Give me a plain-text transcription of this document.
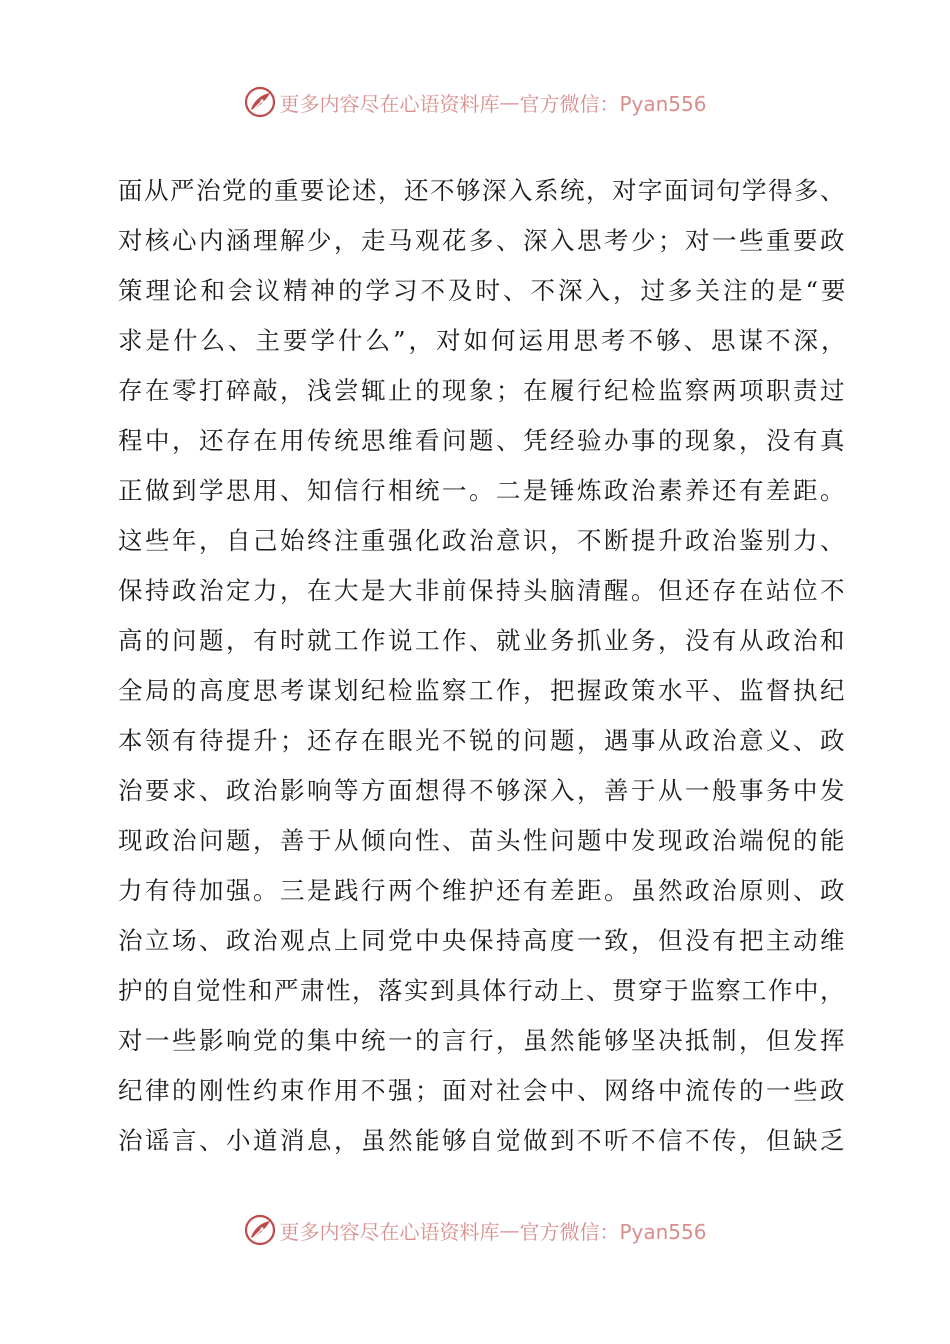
更多内容尽在心语资料库 — 官方微信：Pyan556
面从严治党的重要论述，还不够深入系统，对字面词句学得多、
对核心内涵理解少，走马观花多、深入思考少；对一些重要政
策理论和会议精神的学习不及时、不深入，过多关注的是“要
求是什么、主要学什么”，对如何运用思考不够、思谋不深，
存在零打碎敲，浅尝辄止的现象；在履行纪检监察两项职责过
程中，还存在用传统思维看问题、凭经验办事的现象，没有真
正做到学思用、知信行相统一。二是锤炼政治素养还有差距。
这些年，自己始终注重强化政治意识，不断提升政治鉴别力、
保持政治定力，在大是大非前保持头脑清醒。但还存在站位不
高的问题，有时就工作说工作、就业务抓业务，没有从政治和
全局的高度思考谋划纪检监察工作，把握政策水平、监督执纪
本领有待提升；还存在眼光不锐的问题，遇事从政治意义、政
治要求、政治影响等方面想得不够深入，善于从一般事务中发
现政治问题，善于从倾向性、苗头性问题中发现政治端倪的能
力有待加强。三是践行两个维护还有差距。虽然政治原则、政
治立场、政治观点上同党中央保持高度一致，但没有把主动维
护的自觉性和严肃性，落实到具体行动上、贯穿于监察工作中，
对一些影响党的集中统一的言行，虽然能够坚决抵制，但发挥
纪律的刚性约束作用不强；面对社会中、网络中流传的一些政
治谣言、小道消息，虽然能够自觉做到不听不信不传，但缺乏
更多内容尽在心语资料库 — 官方微信：Pyan556
